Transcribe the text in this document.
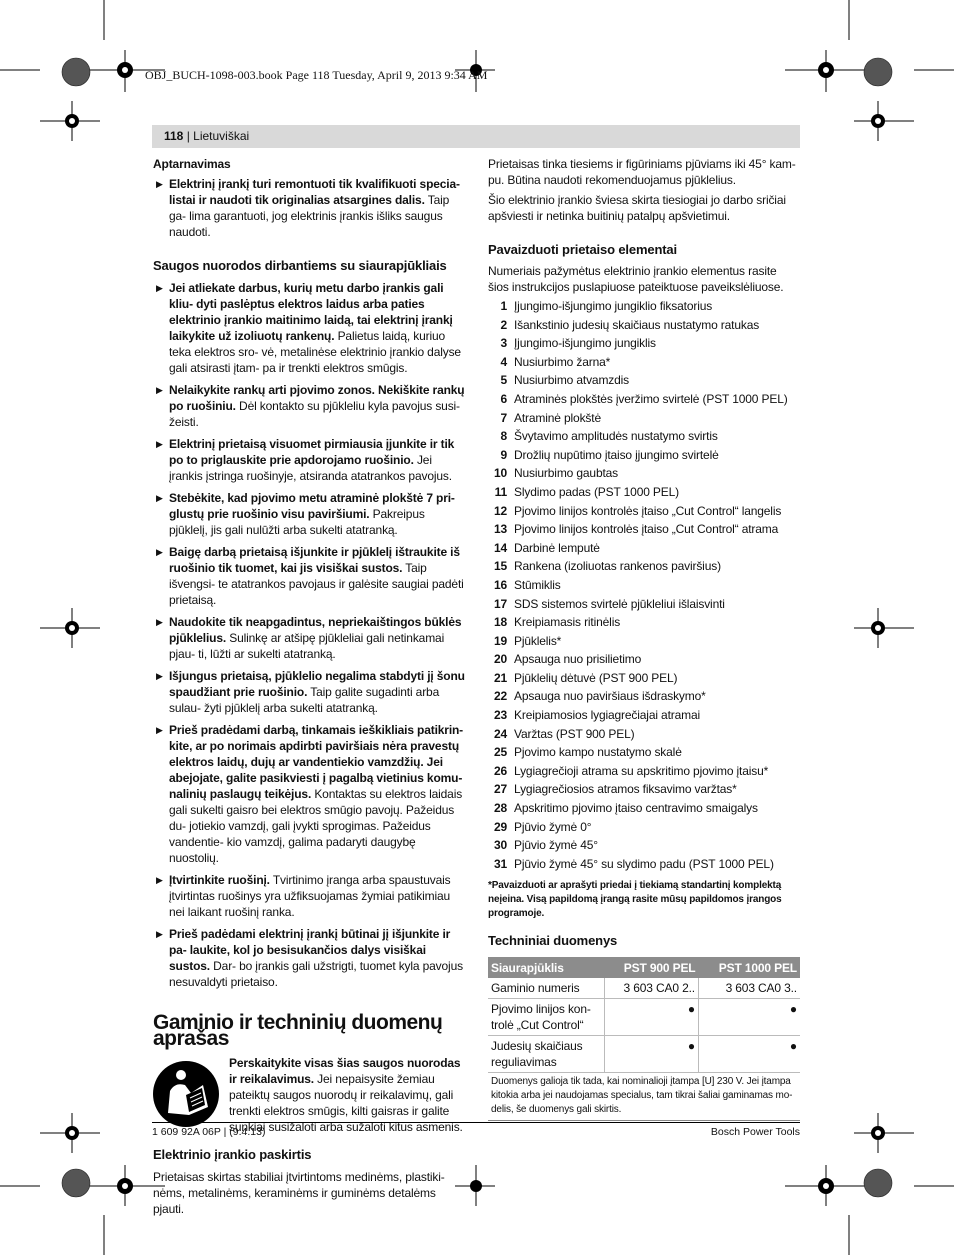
OBJ_BUCH-1098-003.book Page 118 Tuesday, April 9, 2013 9:34 AM
118 | Lietuviškai

Aptarnavimas

▶ Elektrinį įrankį turi remontuoti tik kvalifikuoti specia- listai ir naudoti tik originalias atsargines dalis. Taip ga- lima garantuoti, jog elektrinis įrankis išliks saugus naudoti.
Saugos nuorodos dirbantiems su siaurapjūkliais
▶ Jei atliekate darbus, kurių metu darbo įrankis gali kliu- dyti paslėptus elektros laidus arba paties elektrinio įrankio maitinimo laidą, tai elektrinį įrankį laikykite už izoliuotų rankenų. Palietus laidą, kuriuo teka elektros sro- vė, metalinėse elektrinio įrankio dalyse gali atsirasti įtam- pa ir trenkti elektros smūgis.
▶ Nelaikykite rankų arti pjovimo zonos. Nekiškite rankų po ruošiniu. Dėl kontakto su pjūkleliu kyla pavojus susi- žeisti.
▶ Elektrinį prietaisą visuomet pirmiausia įjunkite ir tik po to priglauskite prie apdorojamo ruošinio. Jei įrankis įstringa ruošinyje, atsiranda atatrankos pavojus.
▶ Stebėkite, kad pjovimo metu atraminė plokštė 7 pri- glustų prie ruošinio visu paviršiumi. Pakreipus pjūklelį, jis gali nulūžti arba sukelti atatranką.
▶ Baigę darbą prietaisą išjunkite ir pjūklelį ištraukite iš ruošinio tik tuomet, kai jis visiškai sustos. Taip išvengsi- te atatrankos pavojaus ir galėsite saugiai padėti prietaisą.
▶ Naudokite tik neapgadintus, nepriekaištingos būklės pjūklelius. Sulinkę ar atšipę pjūkleliai gali netinkamai pjau- ti, lūžti ar sukelti atatranką.
▶ Išjungus prietaisą, pjūklelio negalima stabdyti jį šonu spaudžiant prie ruošinio. Taip galite sugadinti arba sulau- žyti pjūklelį arba sukelti atatranką.
▶ Prieš pradėdami darbą, tinkamais ieškikliais patikrin- kite, ar po norimais apdirbti paviršiais nėra pravestų elektros laidų, dujų ar vandentiekio vamzdžių. Jei abejojate, galite pasikviesti į pagalbą vietinius komu- nalinių paslaugų teikėjus. Kontaktas su elektros laidais gali sukelti gaisro bei elektros smūgio pavojų. Pažeidus du- jotiekio vamzdį, gali įvykti sprogimas. Pažeidus vandentie- kio vamzdį, galima padaryti daugybę nuostolių.
▶ Įtvirtinkite ruošinį. Tvirtinimo įranga arba spaustuvais įtvirtintas ruošinys yra užfiksuojamas žymiai patikimiau nei laikant ruošinį ranka.
▶ Prieš padėdami elektrinį įrankį būtinai jį išjunkite ir pa- laukite, kol jo besisukančios dalys visiškai sustos. Dar- bo įrankis gali užstrigti, tuomet kyla pavojus nesuvaldyti prietaiso.
Gaminio ir techninių duomenų aprašas
Perskaitykite visas šias saugos nuorodas ir reikalavimus. Jei nepaisysite žemiau pateiktų saugos nuorodų ir reikalavimų, gali trenkti elektros smūgis, kilti gaisras ir galite sunkiai susižaloti arba sužaloti kitus asmenis.
Elektrinio įrankio paskirtis

Prietaisas skirtas stabiliai įtvirtintoms medinėms, plastiki- nėms, metalinėms, keraminėms ir guminėms detalėms pjauti.

Prietaisas tinka tiesiems ir figūriniams pjūviams iki 45° kam- pu. Būtina naudoti rekomenduojamus pjūklelius.

Šio elektrinio įrankio šviesa skirta tiesiogiai jo darbo sričiai apšviesti ir netinka buitinių patalpų apšvietimui.

Pavaizduoti prietaiso elementai

Numeriais pažymėtus elektrinio įrankio elementus rasite šios instrukcijos puslapiuose pateiktuose paveikslėliuose.

1 Įjungimo-išjungimo jungiklio fiksatorius
2 Išankstinio judesių skaičiaus nustatymo ratukas
3 Įjungimo-išjungimo jungiklis
4 Nusiurbimo žarna*
5 Nusiurbimo atvamzdis
6 Atraminės plokštės įveržimo svirtelė (PST 1000 PEL)
7 Atraminė plokštė
8 Švytavimo amplitudės nustatymo svirtis
9 Drožlių nupūtimo įtaiso įjungimo svirtelė
10 Nusiurbimo gaubtas
11 Slydimo padas (PST 1000 PEL)
12 Pjovimo linijos kontrolės įtaiso „Cut Control“ langelis
13 Pjovimo linijos kontrolės įtaiso „Cut Control“ atrama
14 Darbinė lemputė
15 Rankena (izoliuotas rankenos paviršius)
16 Stūmiklis
17 SDS sistemos svirtelė pjūkleliui išlaisvinti
18 Kreipiamasis ritinėlis
19 Pjūklelis*
20 Apsauga nuo prisilietimo
21 Pjūklelių dėtuvė (PST 900 PEL)
22 Apsauga nuo paviršiaus išdraskymo*
23 Kreipiamosios lygiagrečiajai atramai
24 Varžtas (PST 900 PEL)
25 Pjovimo kampo nustatymo skalė
26 Lygiagrečioji atrama su apskritimo pjovimo įtaisu*
27 Lygiagrečiosios atramos fiksavimo varžtas*
28 Apskritimo pjovimo įtaiso centravimo smaigalys
29 Pjūvio žymė 0°
30 Pjūvio žymė 45°
31 Pjūvio žymė 45° su slydimo padu (PST 1000 PEL)

*Pavaizduoti ar aprašyti priedai į tiekiamą standartinį komplektą neįeina. Visą papildomą įrangą rasite mūsų papildomos įrangos programoje.

Techniniai duomenys
Siaurapjūklis	PST 900 PEL	PST 1000 PEL
Gaminio numeris	3 603 CA0 2..	3 603 CA0 3..
Pjovimo linijos kon- trolė „Cut Control“	●	●
Judesių skaičiaus reguliavimas	●	●

Duomenys galioja tik tada, kai nominalioji įtampa [U] 230 V. Jei įtampa kitokia arba jei naudojamas specialus, tam tikrai šaliai gaminamas mo- delis, še duomenys gali skirtis.

1 609 92A 06P | (9.4.13)	Bosch Power Tools
